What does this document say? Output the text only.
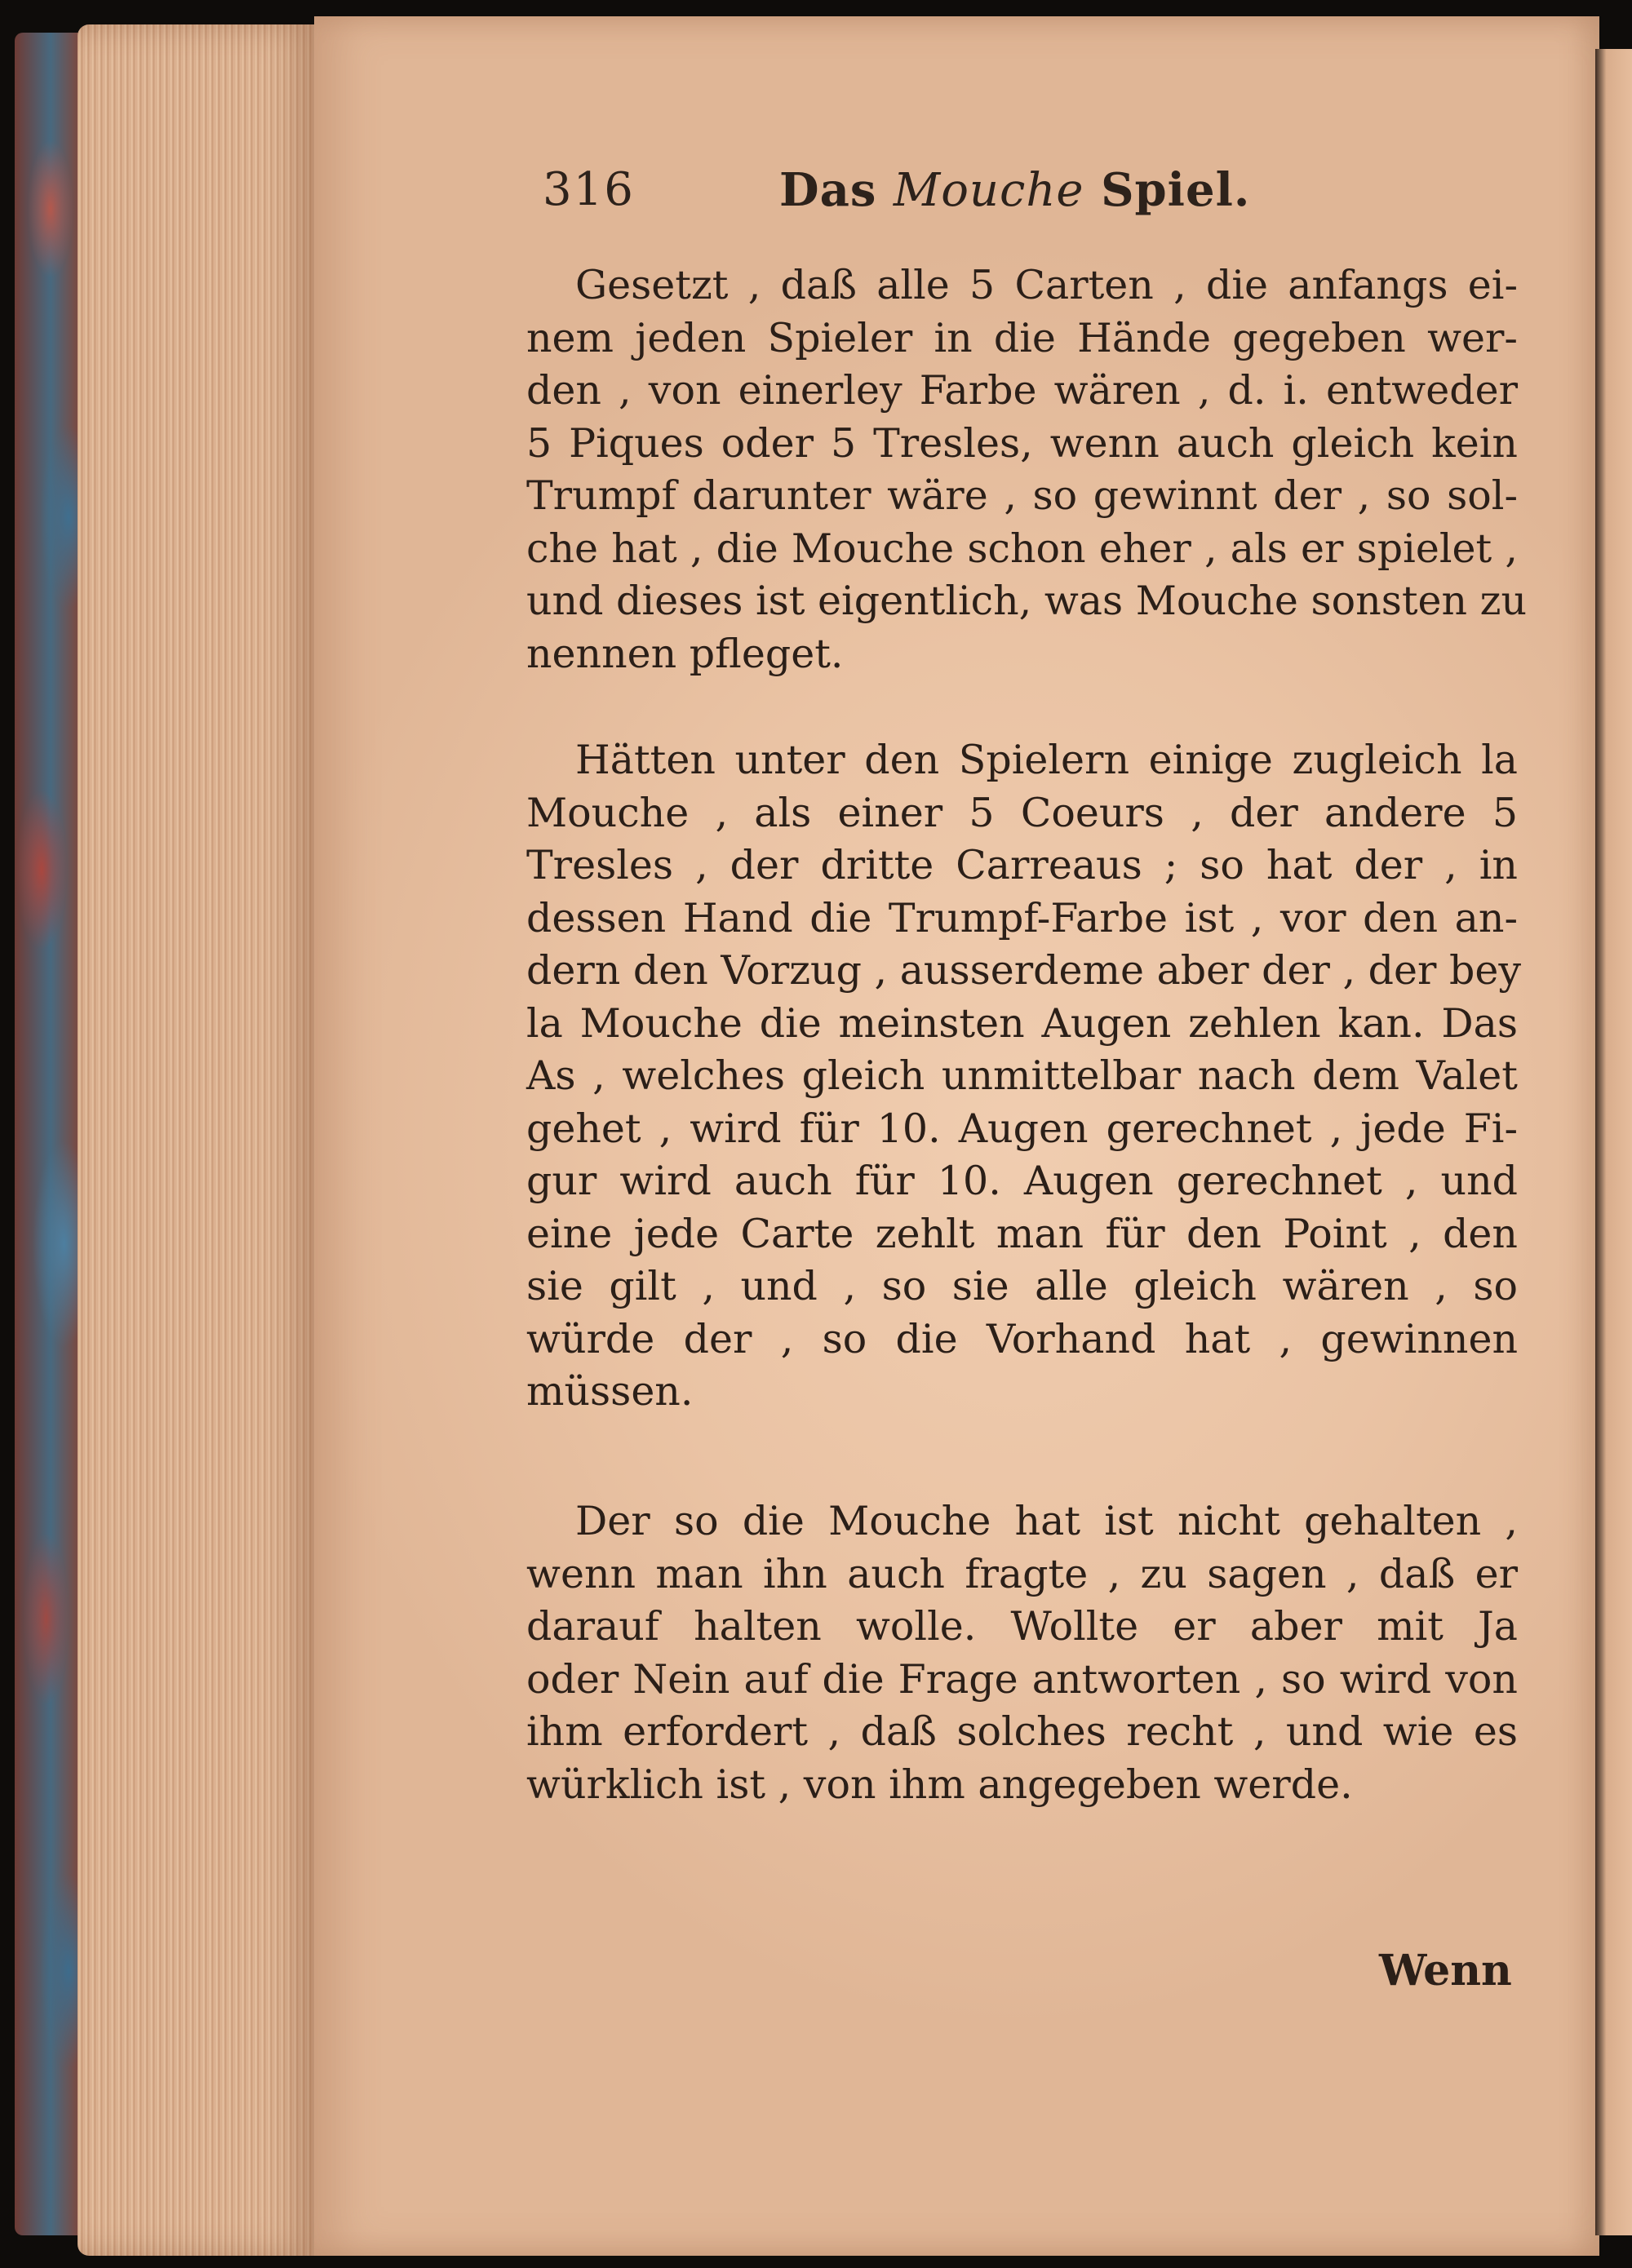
316	Das Mouche Spiel.
Gesetzt , daß alle 5 Carten , die anfangs ei-
nem jeden Spieler in die Hände gegeben wer-
den , von einerley Farbe wären , d. i. entweder
5 Piques oder 5 Tresles, wenn auch gleich kein
Trumpf darunter wäre , so gewinnt der , so sol-
che hat , die Mouche schon eher , als er spielet ,
und dieses ist eigentlich, was Mouche sonsten zu
nennen pfleget.
Hätten unter den Spielern einige zugleich la
Mouche , als einer 5 Coeurs , der andere 5
Tresles , der dritte Carreaus ; so hat der , in
dessen Hand die Trumpf-Farbe ist , vor den an-
dern den Vorzug , ausserdeme aber der , der bey
la Mouche die meinsten Augen zehlen kan. Das
As , welches gleich unmittelbar nach dem Valet
gehet , wird für 10. Augen gerechnet , jede Fi-
gur wird auch für 10. Augen gerechnet , und
eine jede Carte zehlt man für den Point , den
sie gilt , und , so sie alle gleich wären , so
würde der , so die Vorhand hat , gewinnen
müssen.
Der so die Mouche hat ist nicht gehalten ,
wenn man ihn auch fragte , zu sagen , daß er
darauf halten wolle. Wollte er aber mit Ja
oder Nein auf die Frage antworten , so wird von
ihm erfordert , daß solches recht , und wie es
würklich ist , von ihm angegeben werde.
Wenn
